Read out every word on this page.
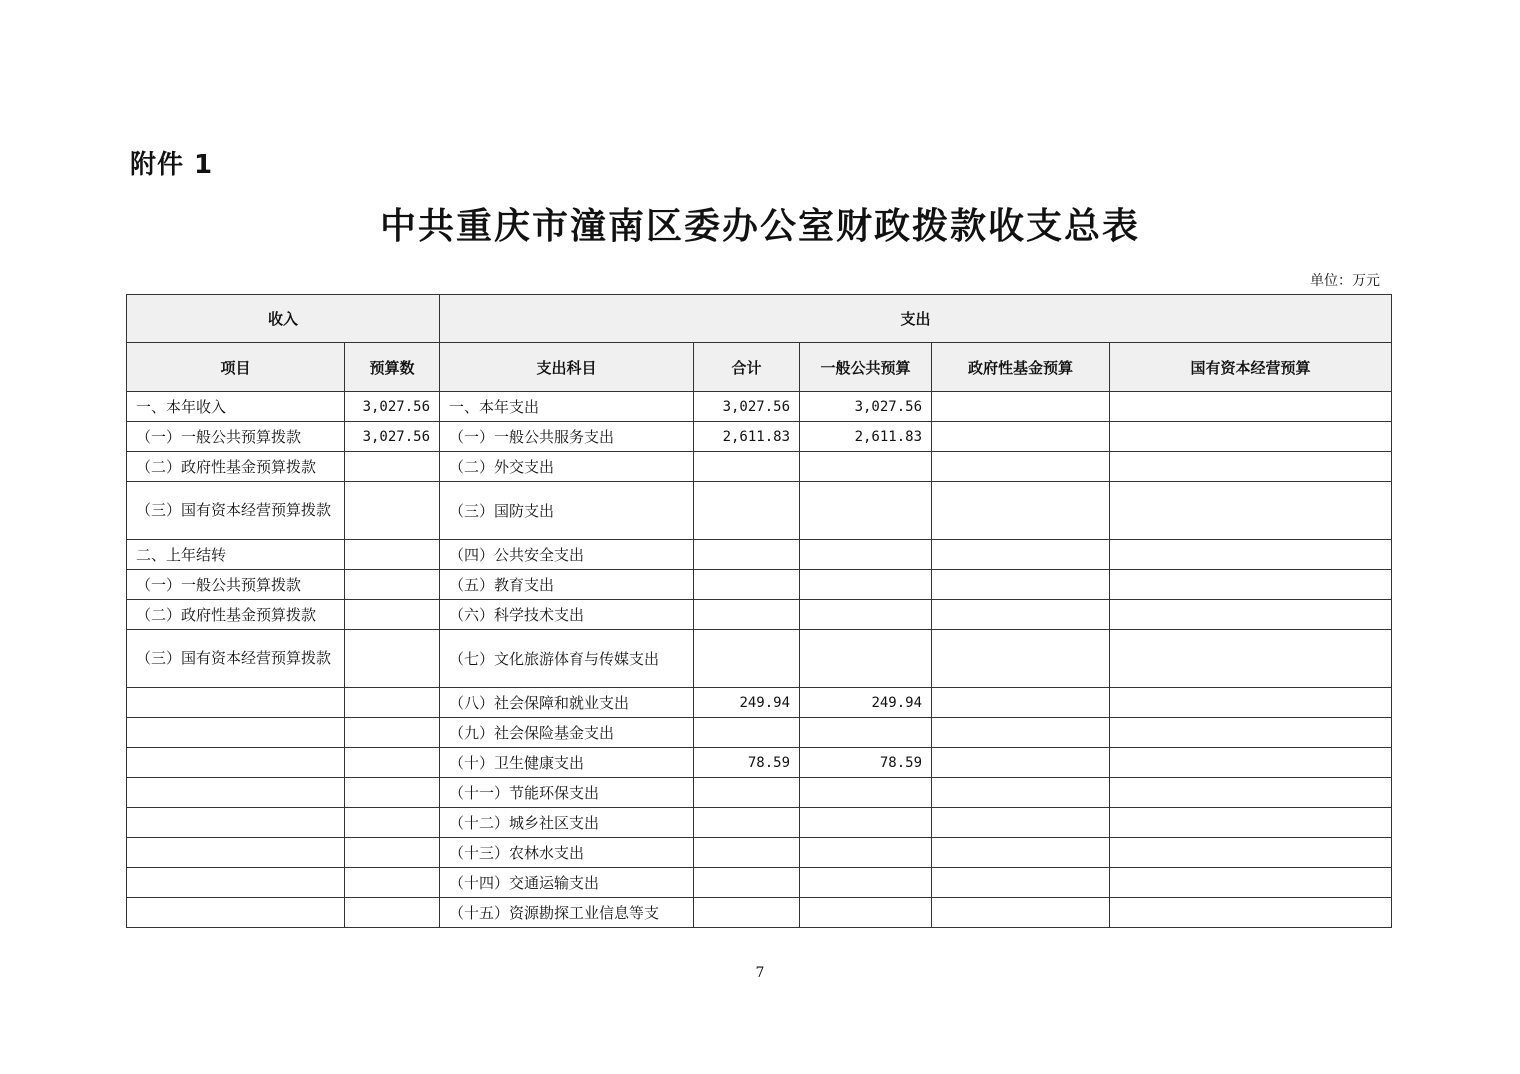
附件 1
中共重庆市潼南区委办公室财政拨款收支总表
单位：万元
收入		支出				
项目	预算数	支出科目	合计	一般公共预算	政府性基金预算	国有资本经营预算
一、本年收入	3,027.56	一、本年支出	3,027.56	3,027.56		
（一）一般公共预算拨款	3,027.56	（一）一般公共服务支出	2,611.83	2,611.83		
（二）政府性基金预算拨款		（二）外交支出				
（三）国有资本经营预算拨款		（三）国防支出				
二、上年结转		（四）公共安全支出				
（一）一般公共预算拨款		（五）教育支出				
（二）政府性基金预算拨款		（六）科学技术支出				
（三）国有资本经营预算拨款		（七）文化旅游体育与传媒支出				
		（八）社会保障和就业支出	249.94	249.94		
		（九）社会保险基金支出				
		（十）卫生健康支出	78.59	78.59		
		（十一）节能环保支出				
		（十二）城乡社区支出				
		（十三）农林水支出				
		（十四）交通运输支出				
		（十五）资源勘探工业信息等支				
7
